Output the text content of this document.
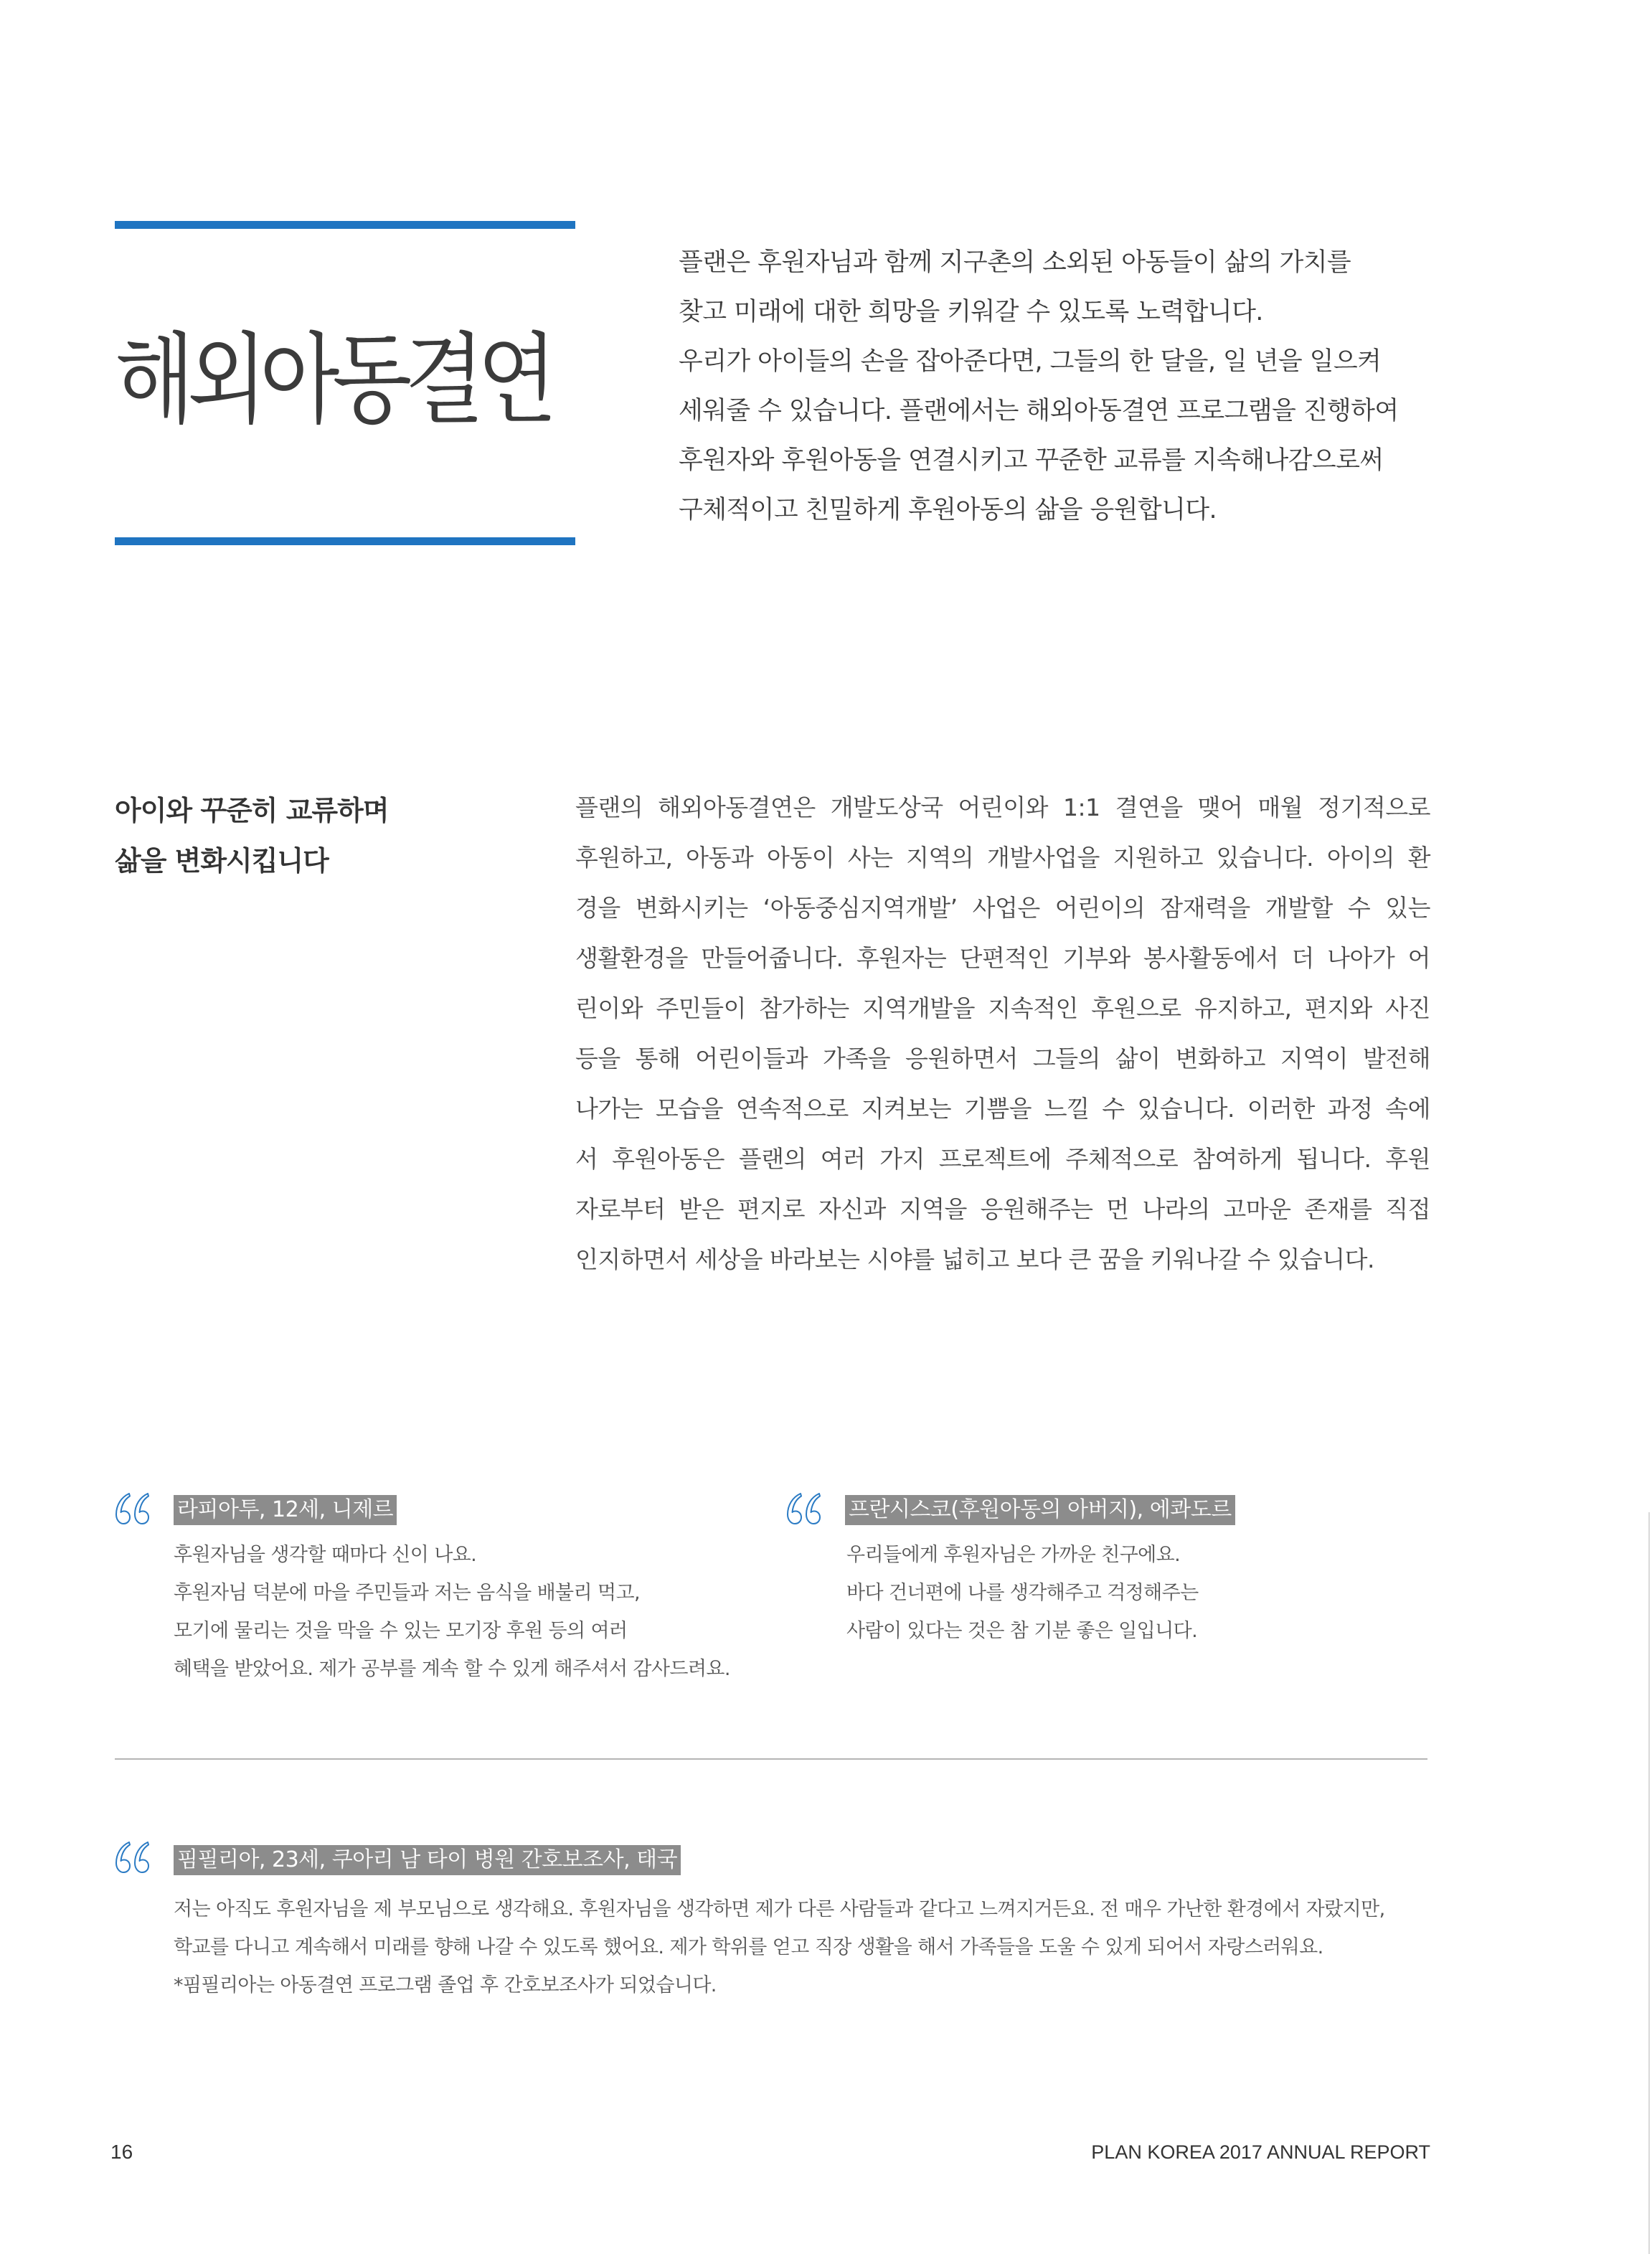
해외아동결연
플랜은 후원자님과 함께 지구촌의 소외된 아동들이 삶의 가치를
찾고 미래에 대한 희망을 키워갈 수 있도록 노력합니다.
우리가 아이들의 손을 잡아준다면, 그들의 한 달을, 일 년을 일으켜
세워줄 수 있습니다. 플랜에서는 해외아동결연 프로그램을 진행하여
후원자와 후원아동을 연결시키고 꾸준한 교류를 지속해나감으로써
구체적이고 친밀하게 후원아동의 삶을 응원합니다.
아이와 꾸준히 교류하며
삶을 변화시킵니다
플랜의 해외아동결연은 개발도상국 어린이와 1:1 결연을 맺어 매월 정기적으로
후원하고, 아동과 아동이 사는 지역의 개발사업을 지원하고 있습니다. 아이의 환
경을 변화시키는 ‘아동중심지역개발’ 사업은 어린이의 잠재력을 개발할 수 있는
생활환경을 만들어줍니다. 후원자는 단편적인 기부와 봉사활동에서 더 나아가 어
린이와 주민들이 참가하는 지역개발을 지속적인 후원으로 유지하고, 편지와 사진
등을 통해 어린이들과 가족을 응원하면서 그들의 삶이 변화하고 지역이 발전해
나가는 모습을 연속적으로 지켜보는 기쁨을 느낄 수 있습니다. 이러한 과정 속에
서 후원아동은 플랜의 여러 가지 프로젝트에 주체적으로 참여하게 됩니다. 후원
자로부터 받은 편지로 자신과 지역을 응원해주는 먼 나라의 고마운 존재를 직접
인지하면서 세상을 바라보는 시야를 넓히고 보다 큰 꿈을 키워나갈 수 있습니다.
라피아투, 12세, 니제르
후원자님을 생각할 때마다 신이 나요.
후원자님 덕분에 마을 주민들과 저는 음식을 배불리 먹고,
모기에 물리는 것을 막을 수 있는 모기장 후원 등의 여러
혜택을 받았어요. 제가 공부를 계속 할 수 있게 해주셔서 감사드려요.
프란시스코(후원아동의 아버지), 에콰도르
우리들에게 후원자님은 가까운 친구에요.
바다 건너편에 나를 생각해주고 걱정해주는
사람이 있다는 것은 참 기분 좋은 일입니다.
핌필리아, 23세, 쿠아리 남 타이 병원 간호보조사, 태국
저는 아직도 후원자님을 제 부모님으로 생각해요. 후원자님을 생각하면 제가 다른 사람들과 같다고 느껴지거든요. 전 매우 가난한 환경에서 자랐지만,
학교를 다니고 계속해서 미래를 향해 나갈 수 있도록 했어요. 제가 학위를 얻고 직장 생활을 해서 가족들을 도울 수 있게 되어서 자랑스러워요.
*핌필리아는 아동결연 프로그램 졸업 후 간호보조사가 되었습니다.
16	PLAN KOREA 2017 ANNUAL REPORT
